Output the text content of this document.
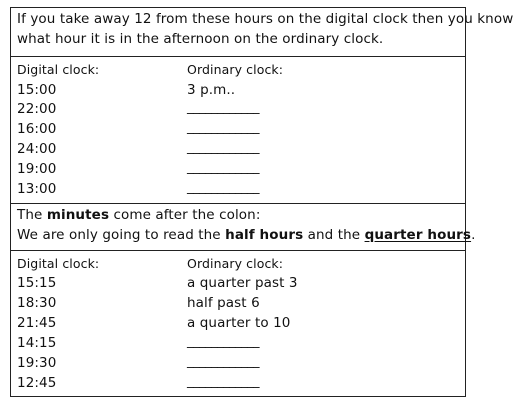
If you take away 12 from these hours on the digital clock then you know
what hour it is in the afternoon on the ordinary clock.
Digital clock:	Ordinary clock:
15:00	3 p.m..
22:00	____________
16:00	____________
24:00	____________
19:00	____________
13:00	____________
The minutes come after the colon:
We are only going to read the half hours and the quarter hours.
Digital clock:	Ordinary clock:
15:15	a quarter past 3
18:30	half past 6
21:45	a quarter to 10
14:15	____________
19:30	____________
12:45	____________
